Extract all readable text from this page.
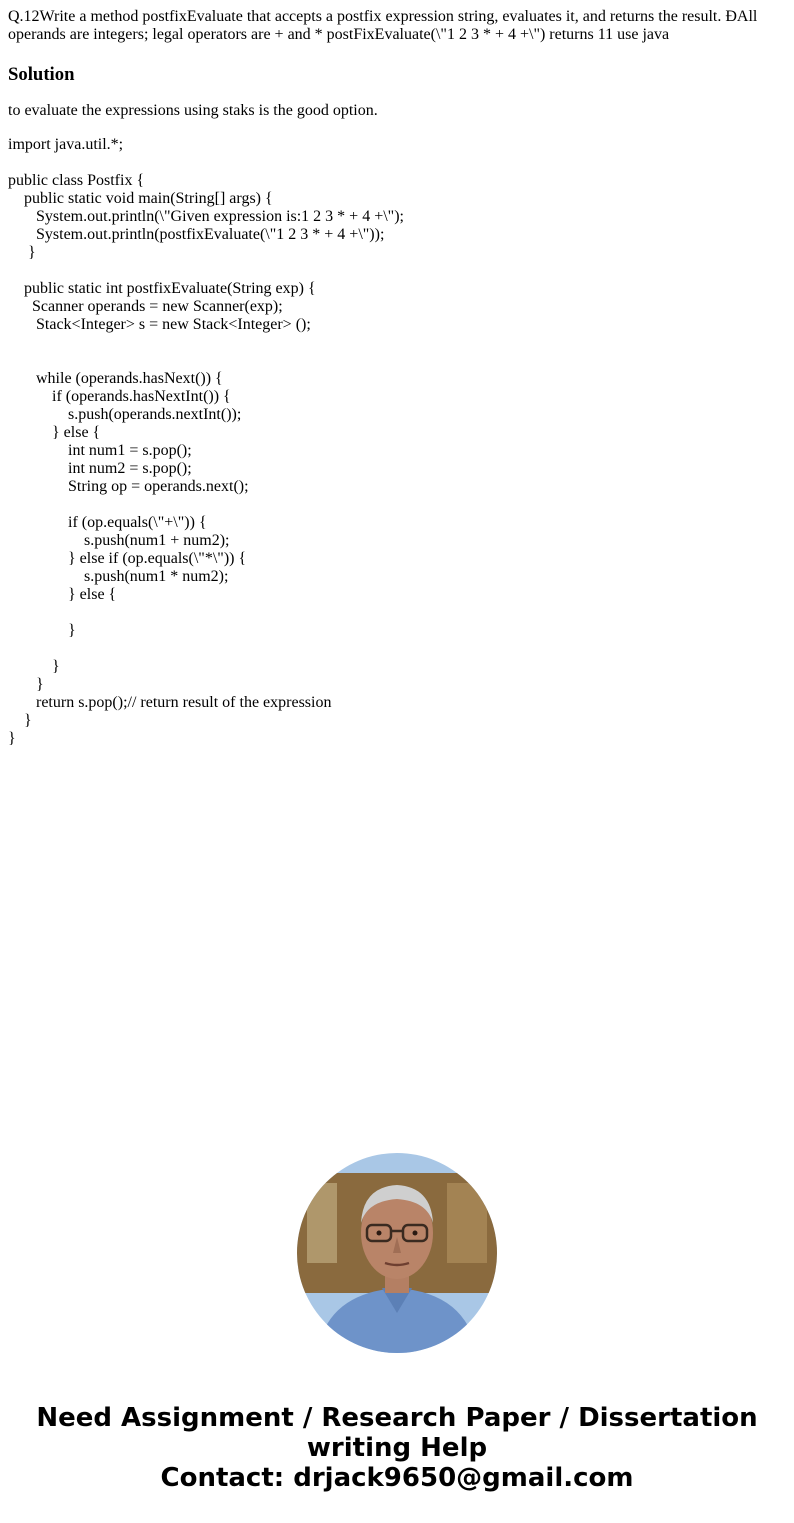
Q.12Write a method postfixEvaluate that accepts a postfix expression string, evaluates it, and returns the result. ĐAll operands are integers; legal operators are + and * postFixEvaluate(\"1 2 3 * + 4 +\") returns 11 use java

Solution

to evaluate the expressions using staks is the good option.

import java.util.*;
public class Postfix {
public static void main(String[] args) {
System.out.println(\"Given expression is:1 2 3 * + 4 +\");
System.out.println(postfixEvaluate(\"1 2 3 * + 4 +\"));
}
public static int postfixEvaluate(String exp) {
Scanner operands = new Scanner(exp);
Stack<Integer> s = new Stack<Integer> ();
while (operands.hasNext()) {
if (operands.hasNextInt()) {
s.push(operands.nextInt());
} else {
int num1 = s.pop();
int num2 = s.pop();
String op = operands.next();
if (op.equals(\"+\")) {
s.push(num1 + num2);
} else if (op.equals(\"*\")) {
s.push(num1 * num2);
} else {
}
}
}
return s.pop();// return result of the expression
}
}
Need Assignment / Research Paper / Dissertation
writing Help
Contact: drjack9650@gmail.com
